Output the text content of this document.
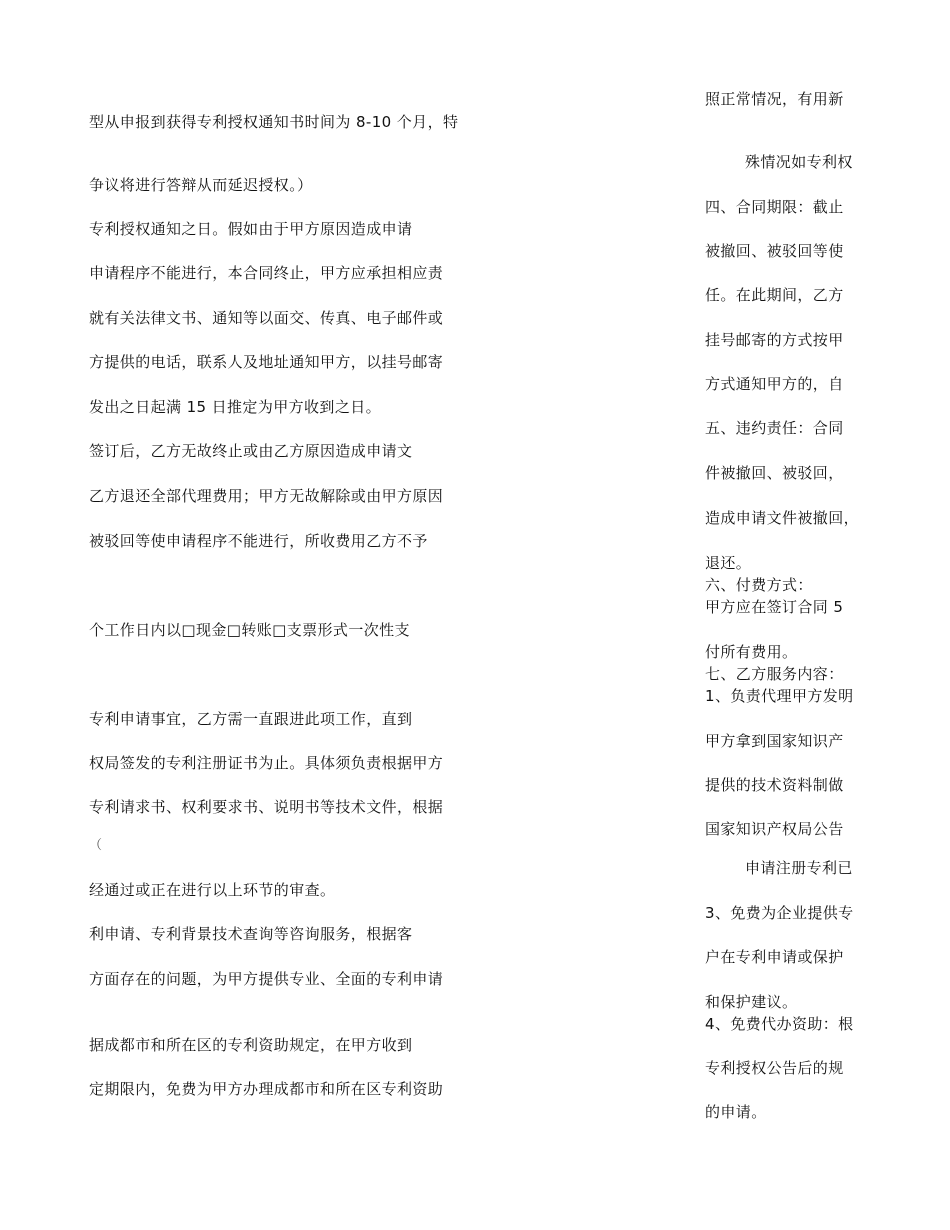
型从申报到获得专利授权通知书时间为 8-10 个月，特
争议将进行答辩从而延迟授权。）
专利授权通知之日。假如由于甲方原因造成申请
申请程序不能进行，本合同终止，甲方应承担相应责
就有关法律文书、通知等以面交、传真、电子邮件或
方提供的电话，联系人及地址通知甲方，以挂号邮寄
发出之日起满 15 日推定为甲方收到之日。
签订后，乙方无故终止或由乙方原因造成申请文
乙方退还全部代理费用；甲方无故解除或由甲方原因
被驳回等使申请程序不能进行，所收费用乙方不予
个工作日内以□现金□转账□支票形式一次性支
专利申请事宜，乙方需一直跟进此项工作，直到
权局签发的专利注册证书为止。具体须负责根据甲方
专利请求书、权利要求书、说明书等技术文件，根据
（
经通过或正在进行以上环节的审查。
利申请、专利背景技术查询等咨询服务，根据客
方面存在的问题，为甲方提供专业、全面的专利申请
据成都市和所在区的专利资助规定，在甲方收到
定期限内，免费为甲方办理成都市和所在区专利资助
照正常情况，有用新
殊情况如专利权
四、合同期限：截止
被撤回、被驳回等使
任。在此期间，乙方
挂号邮寄的方式按甲
方式通知甲方的，自
五、违约责任：合同
件被撤回、被驳回，
造成申请文件被撤回，
退还。
六、付费方式：
甲方应在签订合同 5
付所有费用。
七、乙方服务内容：
1、负责代理甲方发明
甲方拿到国家知识产
提供的技术资料制做
国家知识产权局公告
申请注册专利已
3、免费为企业提供专
户在专利申请或保护
和保护建议。
4、免费代办资助：根
专利授权公告后的规
的申请。
